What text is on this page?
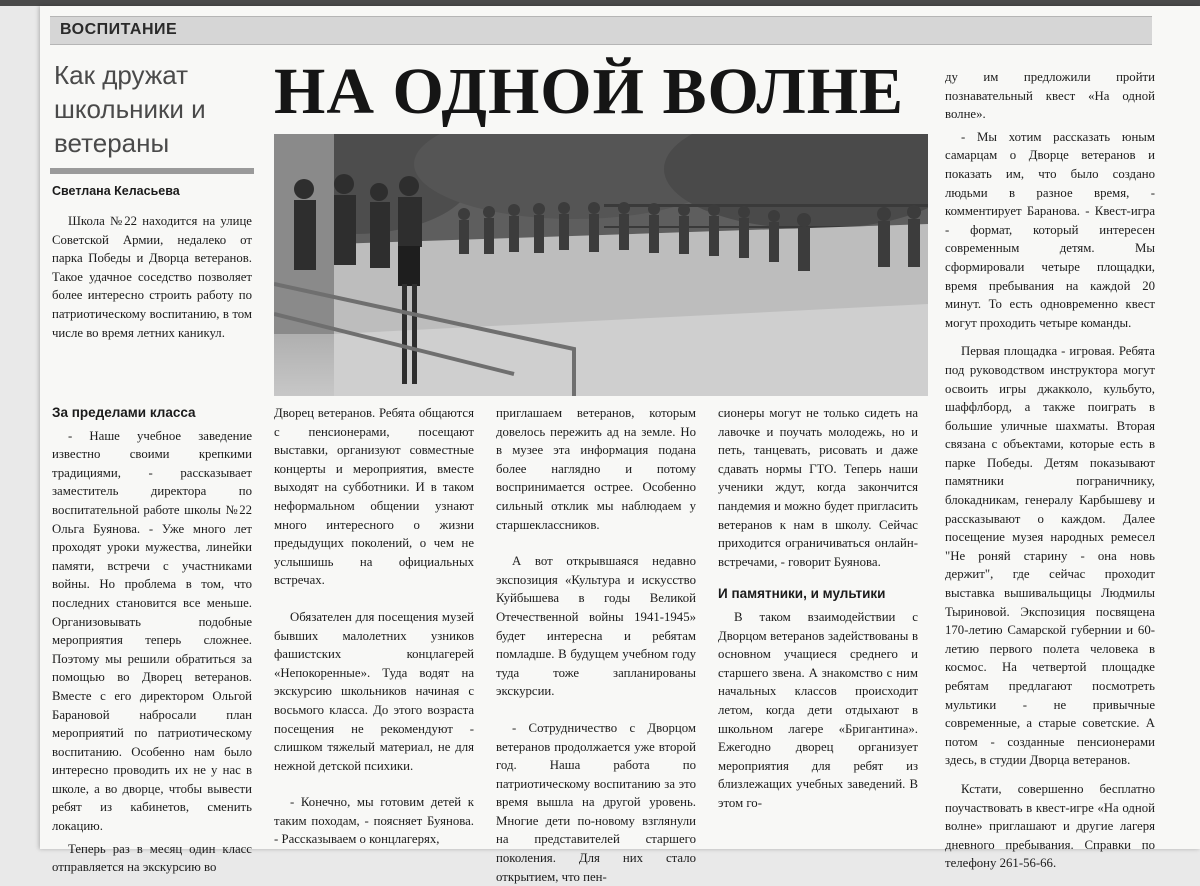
ВОСПИТАНИЕ
Как дружат школьники и ветераны
Светлана Келасьева
НА ОДНОЙ ВОЛНЕ

Школа №22 находится на улице Советской Армии, недалеко от парка Победы и Дворца ветеранов. Такое удачное соседство позволяет более интересно строить работу по патриотическому воспитанию, в том числе во время летних каникул.

За пределами класса

- Наше учебное заведение известно своими крепкими традициями, - рассказывает заместитель директора по воспитательной работе школы №22 Ольга Буянова. - Уже много лет проходят уроки мужества, линейки памяти, встречи с участниками войны. Но проблема в том, что последних становится все меньше. Организовывать подобные мероприятия теперь сложнее. Поэтому мы решили обратиться за помощью во Дворец ветеранов. Вместе с его директором Ольгой Барановой набросали план мероприятий по патриотическому воспитанию. Особенно нам было интересно проводить их не у нас в школе, а во дворце, чтобы вывести ребят из кабинетов, сменить локацию.

Теперь раз в месяц один класс отправляется на экскурсию во

Дворец ветеранов. Ребята общаются с пенсионерами, посещают выставки, организуют совместные концерты и мероприятия, вместе выходят на субботники. И в таком неформальном общении узнают много интересного о жизни предыдущих поколений, о чем не услышишь на официальных встречах.

Обязателен для посещения музей бывших малолетних узников фашистских концлагерей «Непокоренные». Туда водят на экскурсию школьников начиная с восьмого класса. До этого возраста посещения не рекомендуют - слишком тяжелый материал, не для нежной детской психики.

- Конечно, мы готовим детей к таким походам, - поясняет Буянова. - Рассказываем о концлагерях,

приглашаем ветеранов, которым довелось пережить ад на земле. Но в музее эта информация подана более наглядно и потому воспринимается острее. Особенно сильный отклик мы наблюдаем у старшеклассников.

А вот открывшаяся недавно экспозиция «Культура и искусство Куйбышева в годы Великой Отечественной войны 1941-1945» будет интересна и ребятам помладше. В будущем учебном году туда тоже запланированы экскурсии.

- Сотрудничество с Дворцом ветеранов продолжается уже второй год. Наша работа по патриотическому воспитанию за это время вышла на другой уровень. Многие дети по-новому взглянули на представителей старшего поколения. Для них стало открытием, что пен-

сионеры могут не только сидеть на лавочке и поучать молодежь, но и петь, танцевать, рисовать и даже сдавать нормы ГТО. Теперь наши ученики ждут, когда закончится пандемия и можно будет пригласить ветеранов к нам в школу. Сейчас приходится ограничиваться онлайн-встречами, - говорит Буянова.

И памятники, и мультики

В таком взаимодействии с Дворцом ветеранов задействованы в основном учащиеся среднего и старшего звена. А знакомство с ним начальных классов происходит летом, когда дети отдыхают в школьном лагере «Бригантина». Ежегодно дворец организует мероприятия для ребят из близлежащих учебных заведений. В этом го-

ду им предложили пройти познавательный квест «На одной волне».

- Мы хотим рассказать юным самарцам о Дворце ветеранов и показать им, что было создано людьми в разное время, - комментирует Баранова. - Квест-игра - формат, который интересен современным детям. Мы сформировали четыре площадки, время пребывания на каждой 20 минут. То есть одновременно квест могут проходить четыре команды.

Первая площадка - игровая. Ребята под руководством инструктора могут освоить игры джакколо, кульбуто, шаффлборд, а также поиграть в большие уличные шахматы. Вторая связана с объектами, которые есть в парке Победы. Детям показывают памятники пограничнику, блокадникам, генералу Карбышеву и рассказывают о каждом. Далее посещение музея народных ремесел "Не роняй старину - она новь держит", где сейчас проходит выставка вышивальщицы Людмилы Тыриновой. Экспозиция посвящена 170-летию Самарской губернии и 60-летию первого полета человека в космос. На четвертой площадке ребятам предлагают посмотреть мультики - не привычные современные, а старые советские. А потом - созданные пенсионерами здесь, в студии Дворца ветеранов.

Кстати, совершенно бесплатно поучаствовать в квест-игре «На одной волне» приглашают и другие лагеря дневного пребывания. Справки по телефону 261-56-66.
